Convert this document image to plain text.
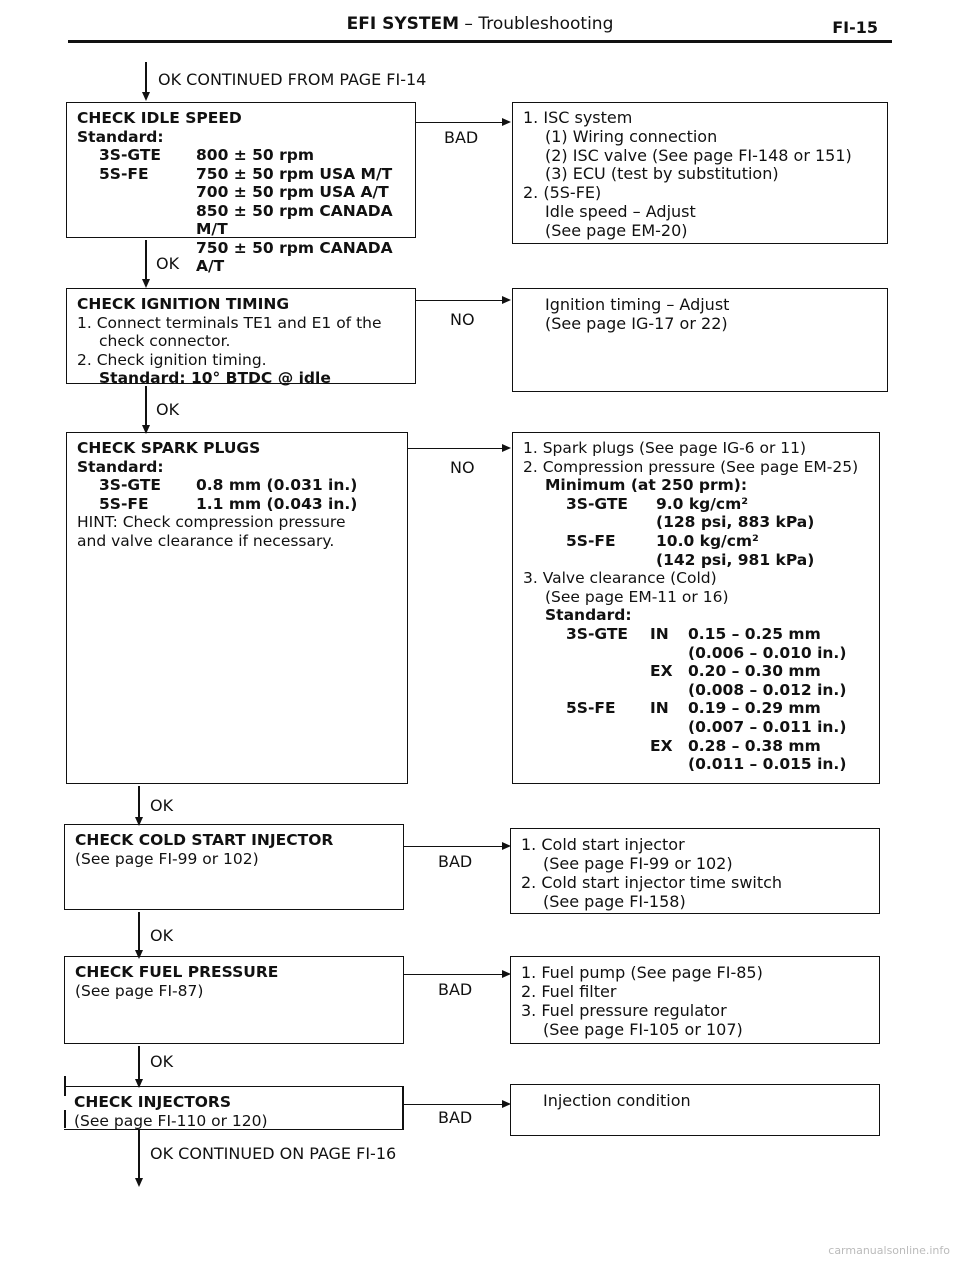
EFI SYSTEM – Troubleshooting	FI-15
OK CONTINUED FROM PAGE FI-14
CHECK IDLE SPEED
Standard:
3S-GTE	800 ± 50 rpm
5S-FE	750 ± 50 rpm USA M/T
700 ± 50 rpm USA A/T
850 ± 50 rpm CANADA M/T
750 ± 50 rpm CANADA A/T
BAD
1. ISC system
(1) Wiring connection
(2) ISC valve (See page FI-148 or 151)
(3) ECU (test by substitution)
2. (5S-FE)
Idle speed – Adjust
(See page EM-20)
OK
CHECK IGNITION TIMING
1. Connect terminals TE1 and E1 of the
check connector.
2. Check ignition timing.
Standard: 10° BTDC @ idle
NO
Ignition timing – Adjust
(See page IG-17 or 22)
OK
CHECK SPARK PLUGS
Standard:
3S-GTE	0.8 mm (0.031 in.)
5S-FE	1.1 mm (0.043 in.)
HINT: Check compression pressure
and valve clearance if necessary.
NO
1. Spark plugs (See page IG-6 or 11)
2. Compression pressure (See page EM-25)
Minimum (at 250 prm):
3S-GTE	9.0 kg/cm²
(128 psi, 883 kPa)
5S-FE	10.0 kg/cm²
(142 psi, 981 kPa)
3. Valve clearance (Cold)
(See page EM-11 or 16)
Standard:
3S-GTE	IN	0.15 – 0.25 mm
(0.006 – 0.010 in.)
EX 0.20 – 0.30 mm
(0.008 – 0.012 in.)
5S-FE	IN	0.19 – 0.29 mm
(0.007 – 0.011 in.)
EX 0.28 – 0.38 mm
(0.011 – 0.015 in.)
OK
CHECK COLD START INJECTOR
(See page FI-99 or 102)	BAD
1. Cold start injector
(See page FI-99 or 102)
2. Cold start injector time switch
(See page FI-158)
OK
CHECK FUEL PRESSURE
(See page FI-87)	BAD
1. Fuel pump (See page FI-85)
2. Fuel filter
3. Fuel pressure regulator
(See page FI-105 or 107)
OK
CHECK INJECTORS
(See page FI-110 or 120)	BAD
Injection condition
OK CONTINUED ON PAGE FI-16
carmanualsonline.info
